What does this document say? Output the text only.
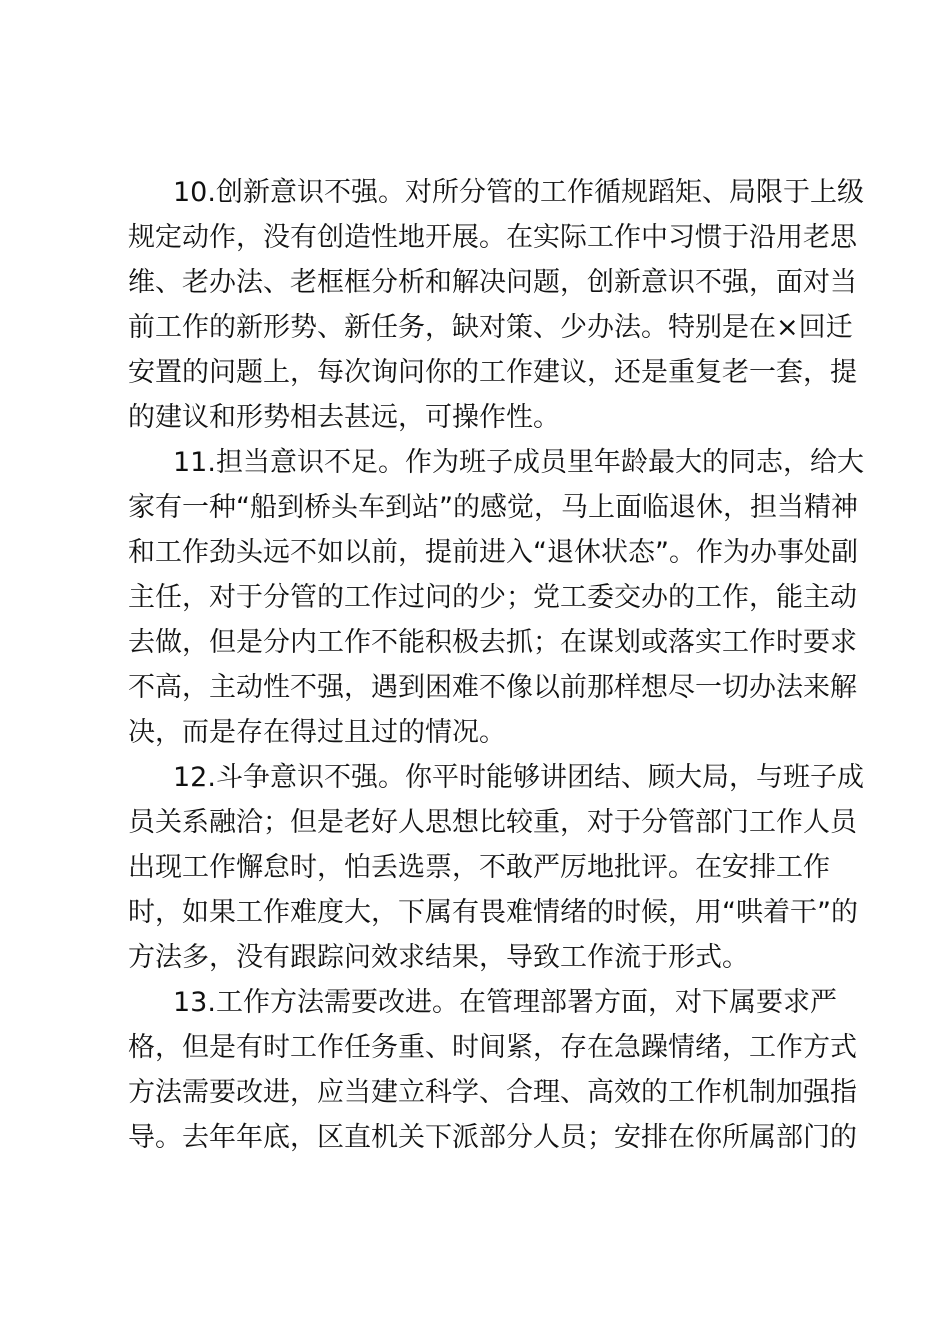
10.创新意识不强。对所分管的工作循规蹈矩、局限于上级
规定动作，没有创造性地开展。在实际工作中习惯于沿用老思
维、老办法、老框框分析和解决问题，创新意识不强，面对当
前工作的新形势、新任务，缺对策、少办法。特别是在×回迁
安置的问题上，每次询问你的工作建议，还是重复老一套，提
的建议和形势相去甚远，可操作性。
11.担当意识不足。作为班子成员里年龄最大的同志，给大
家有一种“船到桥头车到站”的感觉，马上面临退休，担当精神
和工作劲头远不如以前，提前进入“退休状态”。作为办事处副
主任，对于分管的工作过问的少；党工委交办的工作，能主动
去做，但是分内工作不能积极去抓；在谋划或落实工作时要求
不高，主动性不强，遇到困难不像以前那样想尽一切办法来解
决，而是存在得过且过的情况。
12.斗争意识不强。你平时能够讲团结、顾大局，与班子成
员关系融洽；但是老好人思想比较重，对于分管部门工作人员
出现工作懈怠时，怕丢选票，不敢严厉地批评。在安排工作
时，如果工作难度大，下属有畏难情绪的时候，用“哄着干”的
方法多，没有跟踪问效求结果，导致工作流于形式。
13.工作方法需要改进。在管理部署方面，对下属要求严
格，但是有时工作任务重、时间紧，存在急躁情绪，工作方式
方法需要改进，应当建立科学、合理、高效的工作机制加强指
导。去年年底，区直机关下派部分人员；安排在你所属部门的
